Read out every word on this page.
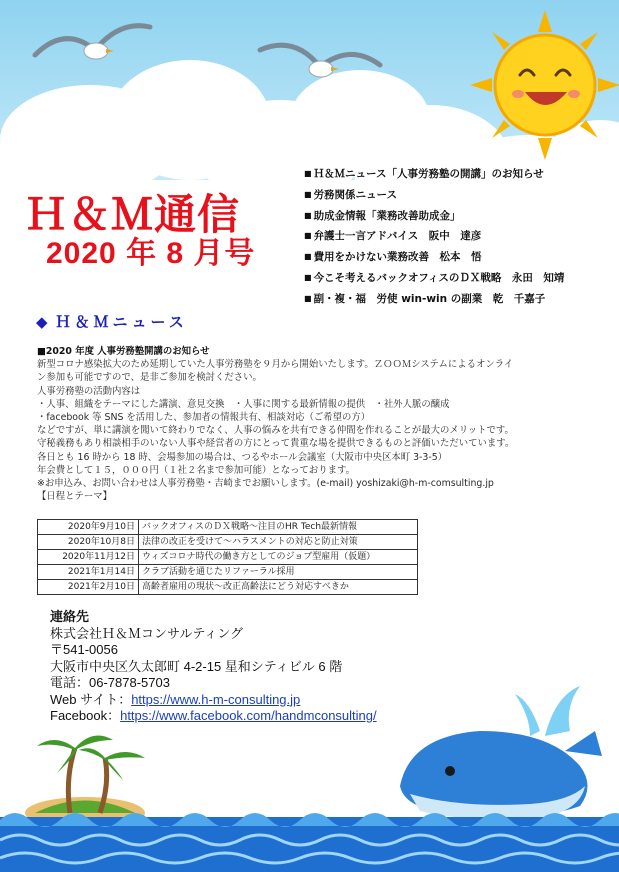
Ｈ＆Ｍ通信
2020 年 8 月号
■ Ｈ＆Ｍニュース「人事労務塾の開講」のお知らせ
■ 労務関係ニュース
■ 助成金情報「業務改善助成金」
■ 弁護士一言アドバイス　阪中　達彦
■ 費用をかけない業務改善　松本　悟
■ 今こそ考えるバックオフィスのＤＸ戦略　永田　知靖
■ 副・複・福　労使 win-win の副業　乾　千嘉子
◆ Ｈ＆Ｍニュース

■2020 年度 人事労務塾開講のお知らせ

新型コロナ感染拡大のため延期していた人事労務塾を９月から開始いたします。ＺＯＯＭシステムによるオンライ

ン参加も可能ですので、是非ご参加を検討ください。

人事労務塾の活動内容は

・人事、組織をテーマにした講演、意見交換　・人事に関する最新情報の提供　・社外人脈の醸成

・facebook 等 SNS を活用した、参加者の情報共有、相談対応（ご希望の方）

などですが、単に講演を聞いて終わりでなく、人事の悩みを共有できる仲間を作れることが最大のメリットです。

守秘義務もあり相談相手のいない人事や経営者の方にとって貴重な場を提供できるものと評価いただいています。

各日とも 16 時から 18 時、会場参加の場合は、つるやホール会議室（大阪市中央区本町 3-3-5）

年会費として１５，０００円（１社２名まで参加可能）となっております。

※お申込み、お問い合わせは人事労務塾・吉崎までお願いします。(e-mail) yoshizaki@h-m-comsulting.jp

【日程とテーマ】

2020年9月10日	バックオフィスのＤＸ戦略～注目のHR Tech最新情報
2020年10月8日	法律の改正を受けて～ハラスメントの対応と防止対策
2020年11月12日	ウィズコロナ時代の働き方としてのジョブ型雇用（仮題）
2021年1月14日	クラブ活動を通じたリファーラル採用
2021年2月10日	高齢者雇用の現状～改正高齢法にどう対応すべきか

連絡先

株式会社Ｈ＆Ｍコンサルティング

〒541-0056

大阪市中央区久太郎町 4-2-15 星和シティビル 6 階

電話：06-7878-5703

Web サイト：https://www.h-m-consulting.jp

Facebook：https://www.facebook.com/handmconsulting/
